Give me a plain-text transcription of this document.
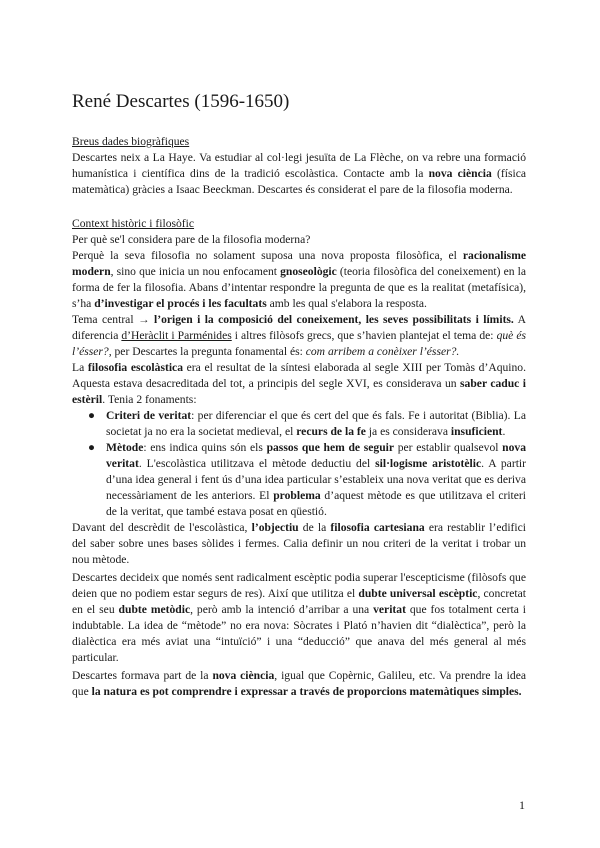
René Descartes (1596-1650)
Breus dades biogràfiques

Descartes neix a La Haye. Va estudiar al col·legi jesuïta de La Flèche, on va rebre una formació humanística i científica dins de la tradició escolàstica. Contacte amb la nova ciència (física matemàtica) gràcies a Isaac Beeckman. Descartes és considerat el pare de la filosofia moderna.

Context històric i filosòfic

Per què se'l considera pare de la filosofia moderna?

Perquè la seva filosofia no solament suposa una nova proposta filosòfica, el racionalisme modern, sino que inicia un nou enfocament gnoseològic (teoria filosòfica del coneixement) en la forma de fer la filosofia. Abans d’intentar respondre la pregunta de que es la realitat (metafísica), s’ha d’investigar el procés i les facultats amb les qual s'elabora la resposta.

Tema central → l’origen i la composició del coneixement, les seves possibilitats i límits. A diferencia d’Heràclit i Parménides i altres filòsofs grecs, que s’havien plantejat el tema de: què és l’ésser?, per Descartes la pregunta fonamental és: com arribem a conèixer l’ésser?.

La filosofia escolàstica era el resultat de la síntesi elaborada al segle XIII per Tomàs d’Aquino. Aquesta estava desacreditada del tot, a principis del segle XVI, es considerava un saber caduc i estèril. Tenia 2 fonaments:

● Criteri de veritat: per diferenciar el que és cert del que és fals. Fe i autoritat (Biblia). La societat ja no era la societat medieval, el recurs de la fe ja es considerava insuficient.
● Mètode: ens indica quins són els passos que hem de seguir per establir qualsevol nova veritat. L'escolàstica utilitzava el mètode deductiu del sil·logisme aristotèlic. A partir d’una idea general i fent ús d’una idea particular s’estableix una nova veritat que es deriva necessàriament de les anteriors. El problema d’aquest mètode es que utilitzava el criteri de la veritat, que també estava posat en qüestió.

Davant del descrèdit de l'escolàstica, l’objectiu de la filosofia cartesiana era restablir l’edifici del saber sobre unes bases sòlides i fermes. Calia definir un nou criteri de la veritat i trobar un nou mètode.

Descartes decideix que només sent radicalment escèptic podia superar l'escepticisme (filòsofs que deien que no podiem estar segurs de res). Així que utilitza el dubte universal escèptic, concretat en el seu dubte metòdic, però amb la intenció d’arribar a una veritat que fos totalment certa i indubtable. La idea de “mètode” no era nova: Sòcrates i Plató n’havien dit “dialèctica”, però la dialèctica era més aviat una “intuïció” i una “deducció” que anava del més general al més particular.

Descartes formava part de la nova ciència, igual que Copèrnic, Galileu, etc. Va prendre la idea que la natura es pot comprendre i expressar a través de proporcions matemàtiques simples.

1
